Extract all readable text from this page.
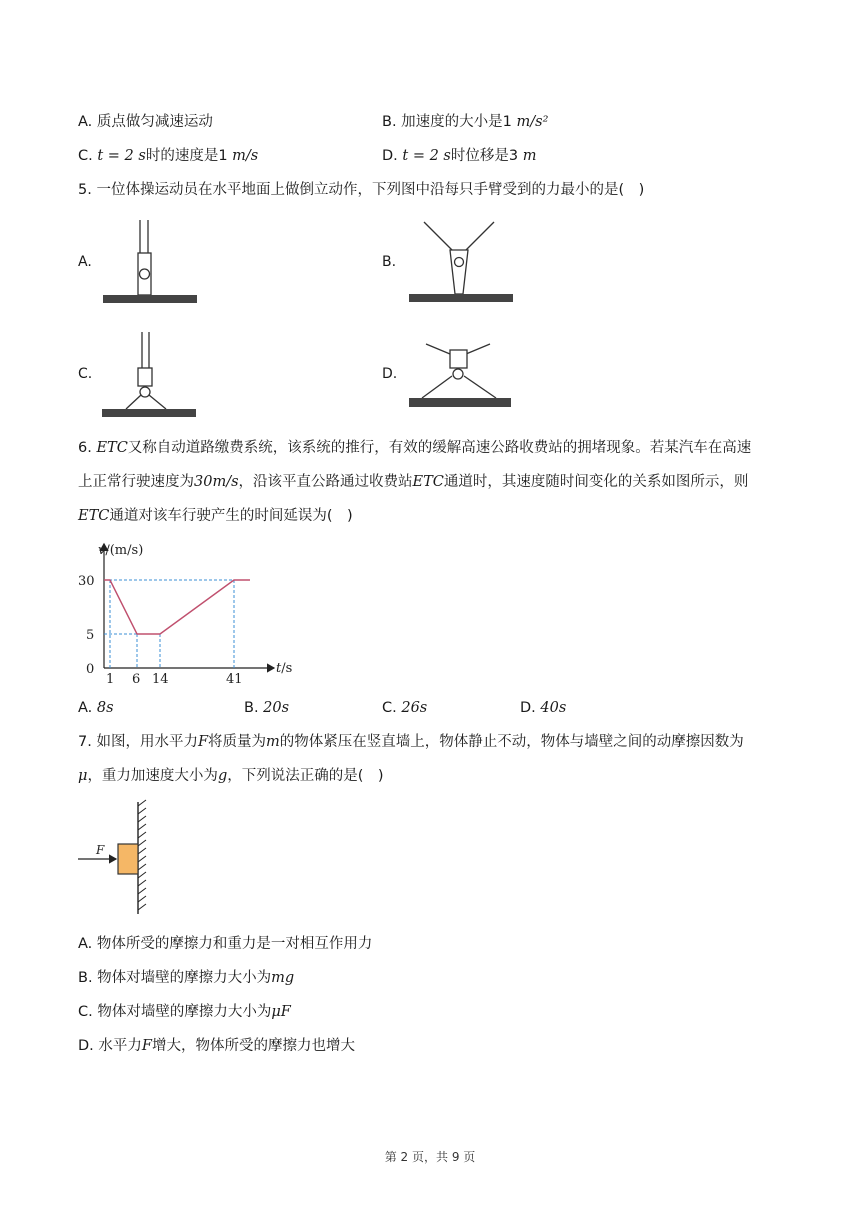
A. 质点做匀减速运动	B. 加速度的大小是1 m/s²
C. t = 2 s时的速度是1 m/s	D. t = 2 s时位移是3 m
5. 一位体操运动员在水平地面上做倒立动作，下列图中沿每只手臂受到的力最小的是(　)
A.	B.
C.	D.
6. ETC又称自动道路缴费系统，该系统的推行，有效的缓解高速公路收费站的拥堵现象。若某汽车在高速
上正常行驶速度为30m/s，沿该平直公路通过收费站ETC通道时，其速度随时间变化的关系如图所示，则
ETC通道对该车行驶产生的时间延误为(　)
v/(m/s)
t/s
0
30
5
1 6 14	41
A. 8s	B. 20s	C. 26s	D. 40s
7. 如图，用水平力F将质量为m的物体紧压在竖直墙上，物体静止不动，物体与墙壁之间的动摩擦因数为
μ，重力加速度大小为g，下列说法正确的是(　)
F
A. 物体所受的摩擦力和重力是一对相互作用力
B. 物体对墙壁的摩擦力大小为mg
C. 物体对墙壁的摩擦力大小为μF
D. 水平力F增大，物体所受的摩擦力也增大
第 2 页，共 9 页
